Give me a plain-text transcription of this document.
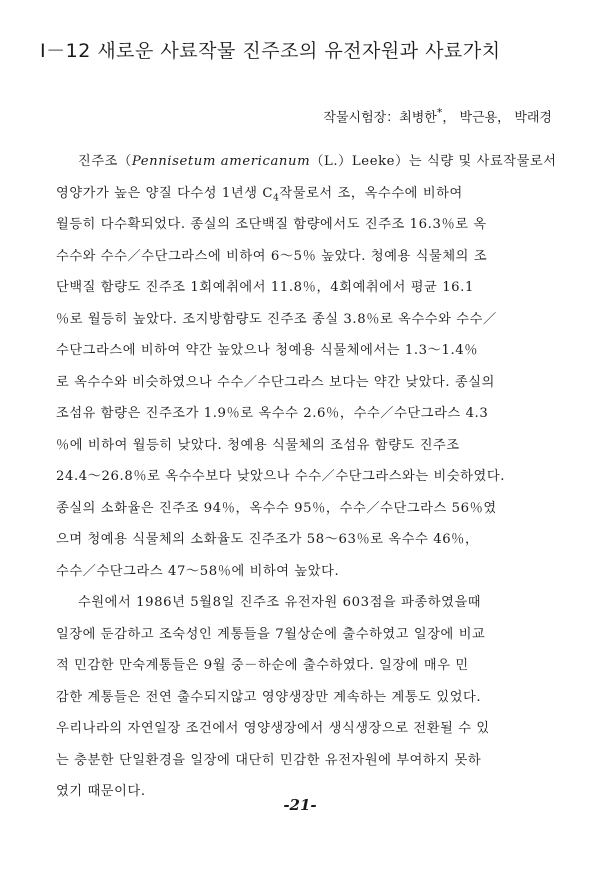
I－12 새로운 사료작물 진주조의 유전자원과 사료가치
작물시험장：최병한*， 박근용， 박래경
진주조（Pennisetum americanum（L.）Leeke）는 식량 및 사료작물로서
영양가가 높은 양질 다수성 1년생 $C_4$작물로서 조，옥수수에 비하여
월등히 다수확되었다. 종실의 조단백질 함량에서도 진주조 16.3％로 옥
수수와 수수／수단그라스에 비하여 6～5％ 높았다. 청예용 식물체의 조
단백질 함량도 진주조 1회예취에서 11.8％，4회예취에서 평균 16.1
％로 월등히 높았다. 조지방함량도 진주조 종실 3.8％로 옥수수와 수수／
수단그라스에 비하여 약간 높았으나 청예용 식물체에서는 1.3～1.4％
로 옥수수와 비슷하였으나 수수／수단그라스 보다는 약간 낮았다. 종실의
조섬유 함량은 진주조가 1.9％로 옥수수 2.6％，수수／수단그라스 4.3
％에 비하여 월등히 낮았다. 청예용 식물체의 조섬유 함량도 진주조
24.4～26.8％로 옥수수보다 낮았으나 수수／수단그라스와는 비슷하였다.
종실의 소화율은 진주조 94％，옥수수 95％，수수／수단그라스 56％였
으며 청예용 식물체의 소화율도 진주조가 58～63％로 옥수수 46％，
수수／수단그라스 47～58％에 비하여 높았다.
수원에서 1986년 5월8일 진주조 유전자원 603점을 파종하였을때
일장에 둔감하고 조숙성인 계통들을 7월상순에 출수하였고 일장에 비교
적 민감한 만숙계통들은 9월 중－하순에 출수하였다. 일장에 매우 민
감한 계통들은 전연 출수되지않고 영양생장만 계속하는 계통도 있었다.
우리나라의 자연일장 조건에서 영양생장에서 생식생장으로 전환될 수 있
는 충분한 단일환경을 일장에 대단히 민감한 유전자원에 부여하지 못하
였기 때문이다.
-21-
